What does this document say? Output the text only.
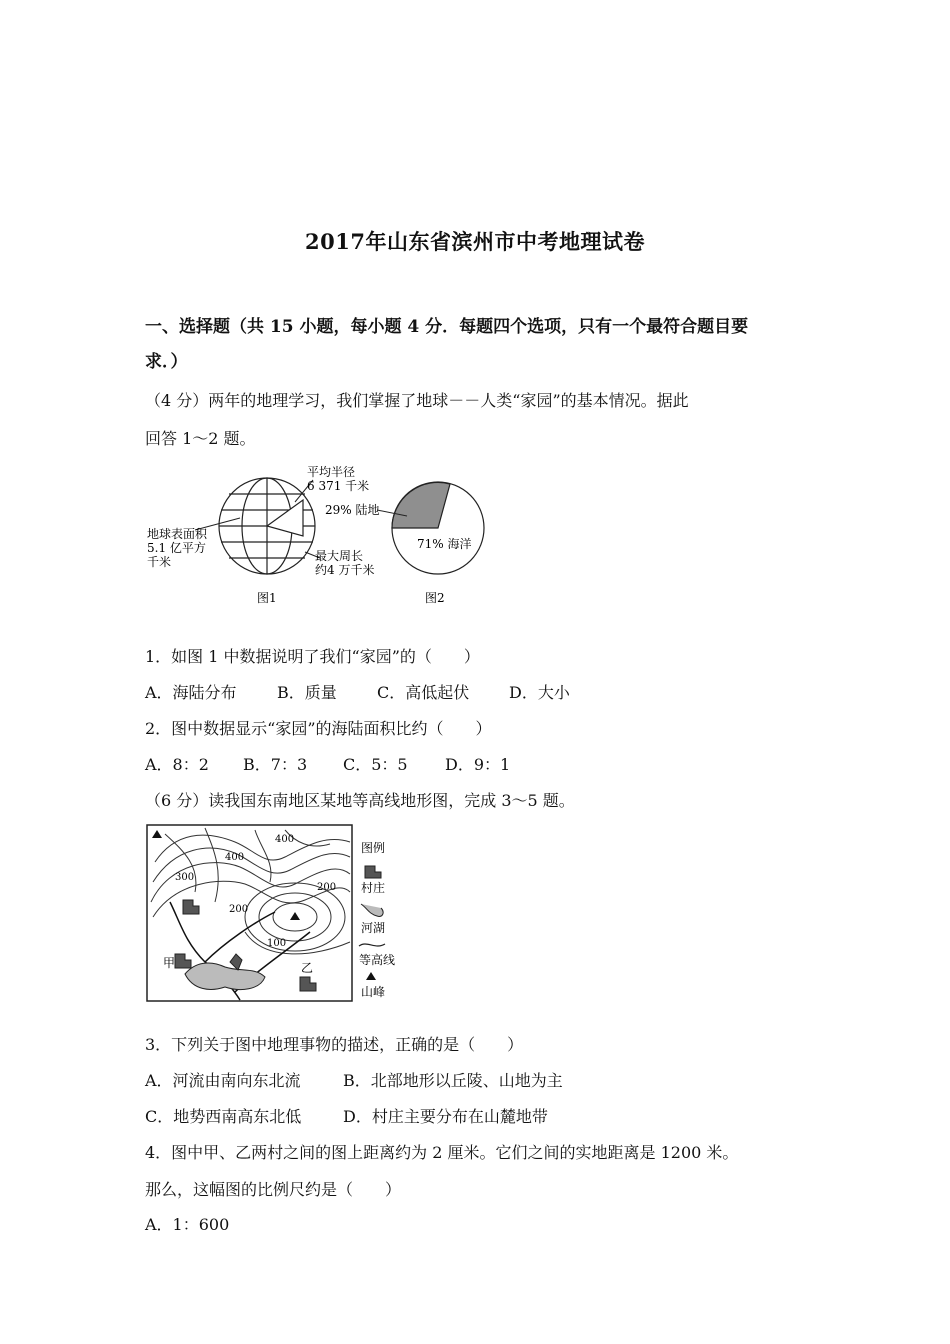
2017年山东省滨州市中考地理试卷
一、选择题（共 15 小题，每小题 4 分．每题四个选项，只有一个最符合题目要
求．）
（4 分）两年的地理学习，我们掌握了地球－－人类“家园”的基本情况。据此
回答 1～2 题。
平均半径
6 371 千米
地球表面积
5.1 亿平方
千米	最大周长
约4 万千米
图1
29% 陆地
71% 海洋
图2
1．如图 1 中数据说明了我们“家园”的（　　）
A．海陆分布	B．质量	C．高低起伏 D．大小
2．图中数据显示“家园”的海陆面积比约（　　）
A．8：2 B．7：3 C．5：5 D．9：1
（6 分）读我国东南地区某地等高线地形图，完成 3～5 题。
400
400
300
200
200
100
甲	乙
图例
村庄
河湖
等高线
山峰
3．下列关于图中地理事物的描述，正确的是（　　）
A．河流由南向东北流	B．北部地形以丘陵、山地为主
C．地势西南高东北低	D．村庄主要分布在山麓地带
4．图中甲、乙两村之间的图上距离约为 2 厘米。它们之间的实地距离是 1200 米。
那么，这幅图的比例尺约是（　　）
A．1：600
